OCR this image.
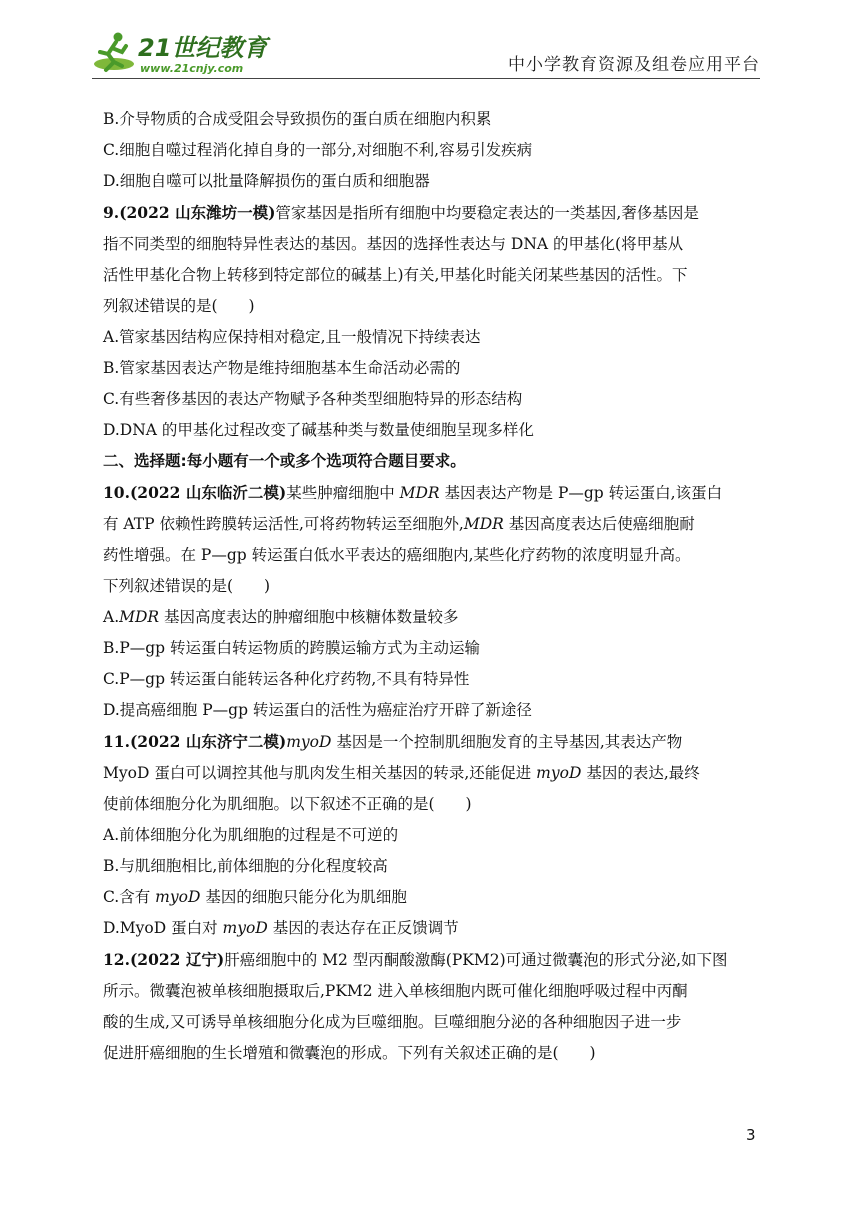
21世纪教育
www.21cnjy.com	中小学教育资源及组卷应用平台
B.介导物质的合成受阻会导致损伤的蛋白质在细胞内积累
C.细胞自噬过程消化掉自身的一部分,对细胞不利,容易引发疾病
D.细胞自噬可以批量降解损伤的蛋白质和细胞器
9.(2022 山东潍坊一模)管家基因是指所有细胞中均要稳定表达的一类基因,奢侈基因是
指不同类型的细胞特异性表达的基因。基因的选择性表达与 DNA 的甲基化(将甲基从
活性甲基化合物上转移到特定部位的碱基上)有关,甲基化时能关闭某些基因的活性。下
列叙述错误的是(　　)
A.管家基因结构应保持相对稳定,且一般情况下持续表达
B.管家基因表达产物是维持细胞基本生命活动必需的
C.有些奢侈基因的表达产物赋予各种类型细胞特异的形态结构
D.DNA 的甲基化过程改变了碱基种类与数量使细胞呈现多样化
二、选择题:每小题有一个或多个选项符合题目要求。
10.(2022 山东临沂二模)某些肿瘤细胞中 MDR 基因表达产物是 P—gp 转运蛋白,该蛋白
有 ATP 依赖性跨膜转运活性,可将药物转运至细胞外,MDR 基因高度表达后使癌细胞耐
药性增强。在 P—gp 转运蛋白低水平表达的癌细胞内,某些化疗药物的浓度明显升高。
下列叙述错误的是(　　)
A.MDR 基因高度表达的肿瘤细胞中核糖体数量较多
B.P—gp 转运蛋白转运物质的跨膜运输方式为主动运输
C.P—gp 转运蛋白能转运各种化疗药物,不具有特异性
D.提高癌细胞 P—gp 转运蛋白的活性为癌症治疗开辟了新途径
11.(2022 山东济宁二模)myoD 基因是一个控制肌细胞发育的主导基因,其表达产物
MyoD 蛋白可以调控其他与肌肉发生相关基因的转录,还能促进 myoD 基因的表达,最终
使前体细胞分化为肌细胞。以下叙述不正确的是(　　)
A.前体细胞分化为肌细胞的过程是不可逆的
B.与肌细胞相比,前体细胞的分化程度较高
C.含有 myoD 基因的细胞只能分化为肌细胞
D.MyoD 蛋白对 myoD 基因的表达存在正反馈调节
12.(2022 辽宁)肝癌细胞中的 M2 型丙酮酸激酶(PKM2)可通过微囊泡的形式分泌,如下图
所示。微囊泡被单核细胞摄取后,PKM2 进入单核细胞内既可催化细胞呼吸过程中丙酮
酸的生成,又可诱导单核细胞分化成为巨噬细胞。巨噬细胞分泌的各种细胞因子进一步
促进肝癌细胞的生长增殖和微囊泡的形成。下列有关叙述正确的是(　　)
3
